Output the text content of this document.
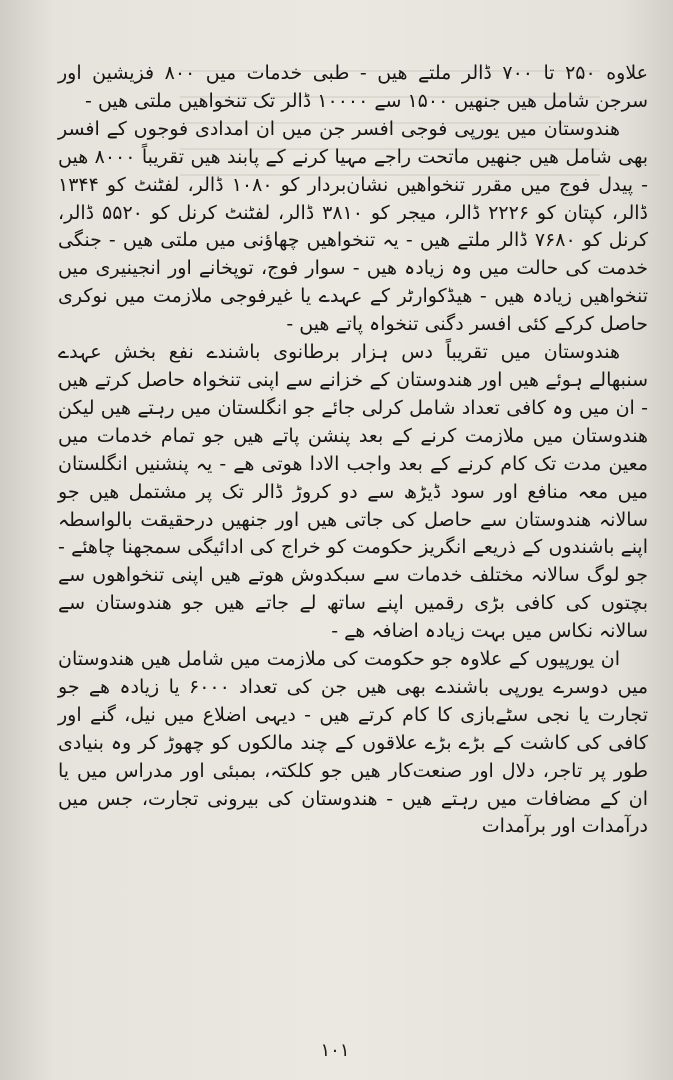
علاوه ۲۵۰ تا ۷۰۰ ڈالر ملتے ھیں - طبی خدمات میں ۸۰۰ فزیشین اور سرجن شامل ھیں جنھیں ۱۵۰۰ سے ۱۰۰۰۰ ڈالر تک تنخواھیں ملتی ھیں -

ھندوستان میں یورپی فوجی افسر جن میں ان امدادی فوجوں کے افسر بھی شامل ھیں جنھیں ماتحت راجے مہیا کرنے کے پابند ھیں تقریباً ۸۰۰۰ ھیں - پیدل فوج میں مقرر تنخواھیں نشان‌بردار کو ۱۰۸۰ ڈالر، لفٹنٹ کو ۱۳۴۴ ڈالر، کپتان کو ۲۲۲۶ ڈالر، میجر کو ۳۸۱۰ ڈالر، لفٹنٹ کرنل کو ۵۵۲۰ ڈالر، کرنل کو ۷۶۸۰ ڈالر ملتے ھیں - یہ تنخواھیں چھاؤنی میں ملتی ھیں - جنگی خدمت کی حالت میں وہ زیادہ ھیں - سوار فوج، توپخانے اور انجینیری میں تنخواھیں زیادہ ھیں - ھیڈکوارٹر کے عہدے یا غیرفوجی ملازمت میں نوکری حاصل کرکے کئی افسر دگنی تنخواہ پاتے ھیں -

ھندوستان میں تقریباً دس ہزار برطانوی باشندے نفع بخش عہدے سنبھالے ہوئے ھیں اور ھندوستان کے خزانے سے اپنی تنخواہ حاصل کرتے ھیں - ان میں وہ کافی تعداد شامل کرلی جائے جو انگلستان میں رہتے ھیں لیکن ھندوستان میں ملازمت کرنے کے بعد پنشن پاتے ھیں جو تمام خدمات میں معین مدت تک کام کرنے کے بعد واجب الادا ھوتی ھے - یہ پنشنیں انگلستان میں معہ منافع اور سود ڈیڑھ سے دو کروڑ ڈالر تک پر مشتمل ھیں جو سالانہ ھندوستان سے حاصل کی جاتی ھیں اور جنھیں درحقیقت بالواسطہ اپنے باشندوں کے ذریعے انگریز حکومت کو خراج کی ادائیگی سمجھنا چاھئے - جو لوگ سالانہ مختلف خدمات سے سبکدوش ھوتے ھیں اپنی تنخواھوں سے بچتوں کی کافی بڑی رقمیں اپنے ساتھ لے جاتے ھیں جو ھندوستان سے سالانہ نکاس میں بہت زیادہ اضافہ ھے -

ان یورپیوں کے علاوہ جو حکومت کی ملازمت میں شامل ھیں ھندوستان میں دوسرے یورپی باشندے بھی ھیں جن کی تعداد ۶۰۰۰ یا زیادہ ھے جو تجارت یا نجی سٹےبازی کا کام کرتے ھیں - دیہی اضلاع میں نیل، گنے اور کافی کی کاشت کے بڑے بڑے علاقوں کے چند مالکوں کو چھوڑ کر وہ بنیادی طور پر تاجر، دلال اور صنعت‌کار ھیں جو کلکتہ، بمبئی اور مدراس میں یا ان کے مضافات میں رہتے ھیں - ھندوستان کی بیرونی تجارت، جس میں درآمدات اور برآمدات

۱۰۱
